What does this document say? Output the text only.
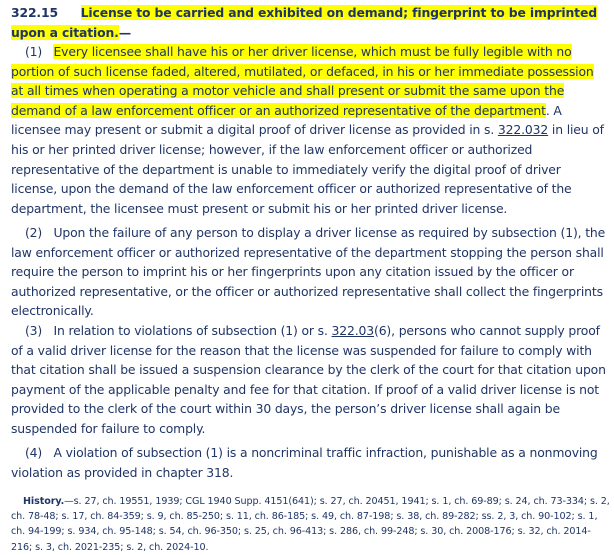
322.15 License to be carried and exhibited on demand; fingerprint to be imprinted upon a citation.—

(1) Every licensee shall have his or her driver license, which must be fully legible with no portion of such license faded, altered, mutilated, or defaced, in his or her immediate possession at all times when operating a motor vehicle and shall present or submit the same upon the demand of a law enforcement officer or an authorized representative of the department. A licensee may present or submit a digital proof of driver license as provided in s. 322.032 in lieu of his or her printed driver license; however, if the law enforcement officer or authorized representative of the department is unable to immediately verify the digital proof of driver license, upon the demand of the law enforcement officer or authorized representative of the department, the licensee must present or submit his or her printed driver license.

(2) Upon the failure of any person to display a driver license as required by subsection (1), the law enforcement officer or authorized representative of the department stopping the person shall require the person to imprint his or her fingerprints upon any citation issued by the officer or authorized representative, or the officer or authorized representative shall collect the fingerprints electronically.

(3) In relation to violations of subsection (1) or s. 322.03(6), persons who cannot supply proof of a valid driver license for the reason that the license was suspended for failure to comply with that citation shall be issued a suspension clearance by the clerk of the court for that citation upon payment of the applicable penalty and fee for that citation. If proof of a valid driver license is not provided to the clerk of the court within 30 days, the person’s driver license shall again be suspended for failure to comply.

(4) A violation of subsection (1) is a noncriminal traffic infraction, punishable as a nonmoving violation as provided in chapter 318.

History.—s. 27, ch. 19551, 1939; CGL 1940 Supp. 4151(641); s. 27, ch. 20451, 1941; s. 1, ch. 69-89; s. 24, ch. 73-334; s. 2, ch. 78-48; s. 17, ch. 84-359; s. 9, ch. 85-250; s. 11, ch. 86-185; s. 49, ch. 87-198; s. 38, ch. 89-282; ss. 2, 3, ch. 90-102; s. 1, ch. 94-199; s. 934, ch. 95-148; s. 54, ch. 96-350; s. 25, ch. 96-413; s. 286, ch. 99-248; s. 30, ch. 2008-176; s. 32, ch. 2014-216; s. 3, ch. 2021-235; s. 2, ch. 2024-10.
